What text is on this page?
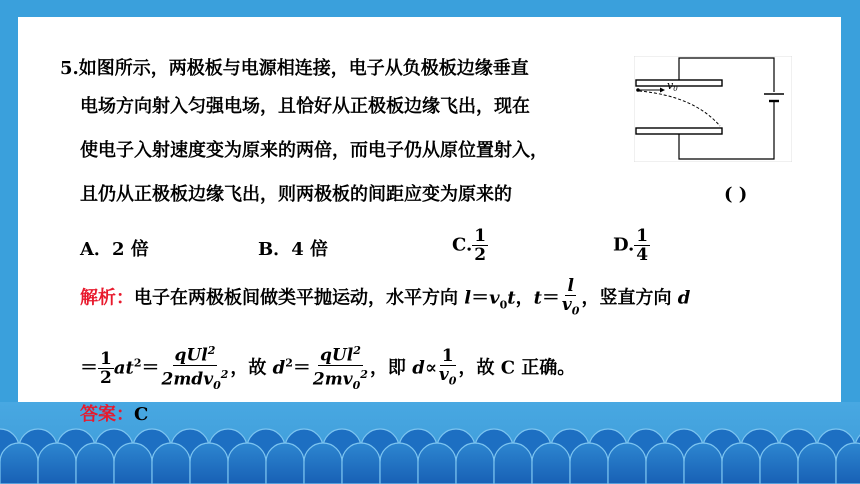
5.如图所示，两极板与电源相连接，电子从负极板边缘垂直
电场方向射入匀强电场，且恰好从正极板边缘飞出，现在
使电子入射速度变为原来的两倍，而电子仍从原位置射入，
且仍从正极板边缘飞出，则两极板的间距应变为原来的	( )
A．2 倍	B．4 倍	C. $\frac{1}{2}$	D. $\frac{1}{4}$
解析：电子在两极板间做类平抛运动，水平方向 $l=v_0t$，$t= \frac{l}{v_0}$ ，竖直方向 d
＝ $\frac{1}{2} at^2= \frac{qUl^2}{2mdv_0^2}$ ，故 $d^2= \frac{qUl^2}{2mv_0^2}$ ，即 $d\propto \frac{1}{v_0}$ ，故 C 正确。
答案：C
v0
